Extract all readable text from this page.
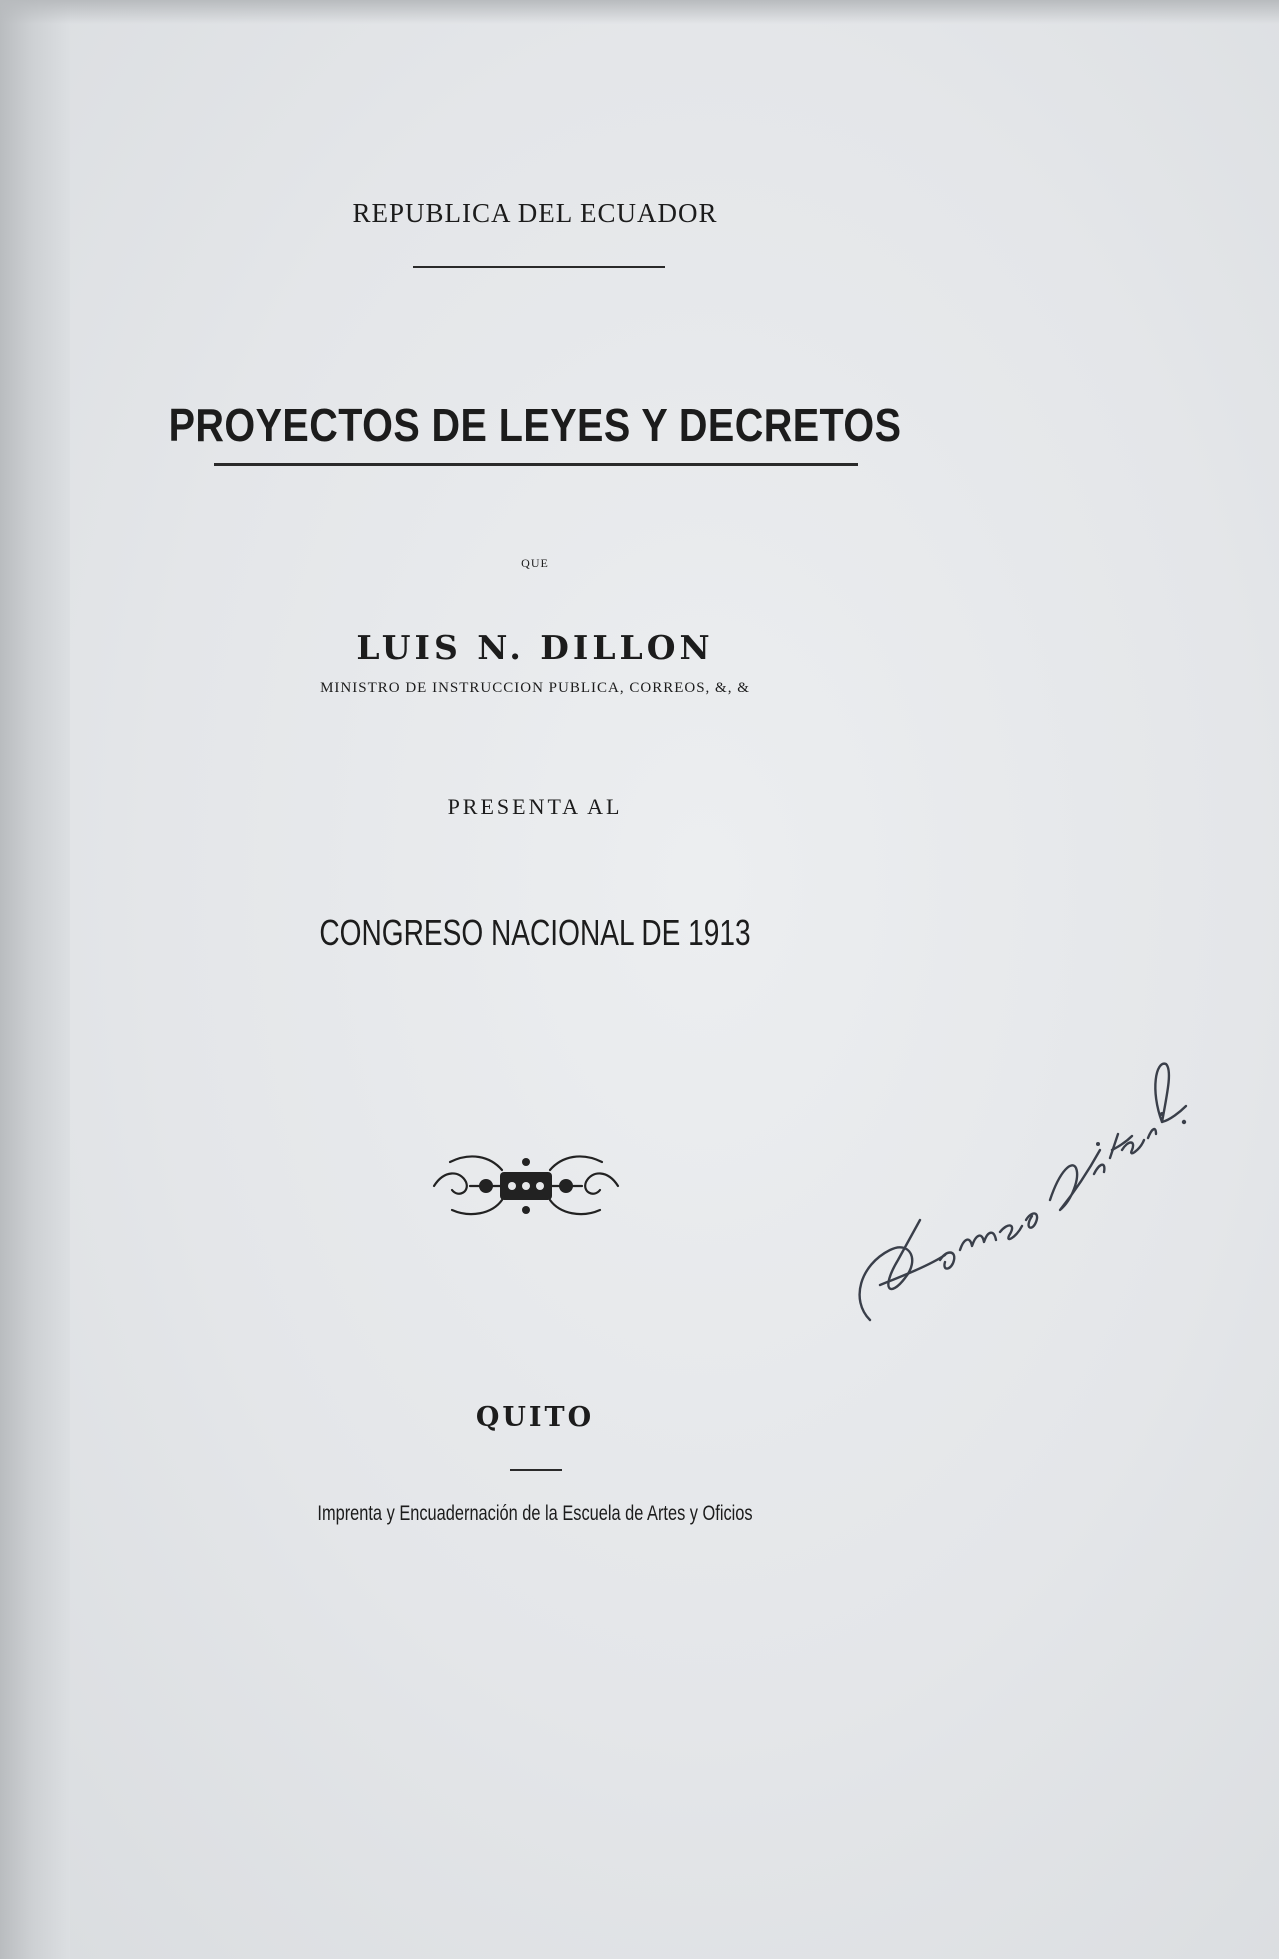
REPUBLICA DEL ECUADOR
PROYECTOS DE LEYES Y DECRETOS
QUE
LUIS N. DILLON
MINISTRO DE INSTRUCCION PUBLICA, CORREOS, &, &
PRESENTA AL
CONGRESO NACIONAL DE 1913
QUITO
Imprenta y Encuadernación de la Escuela de Artes y Oficios
